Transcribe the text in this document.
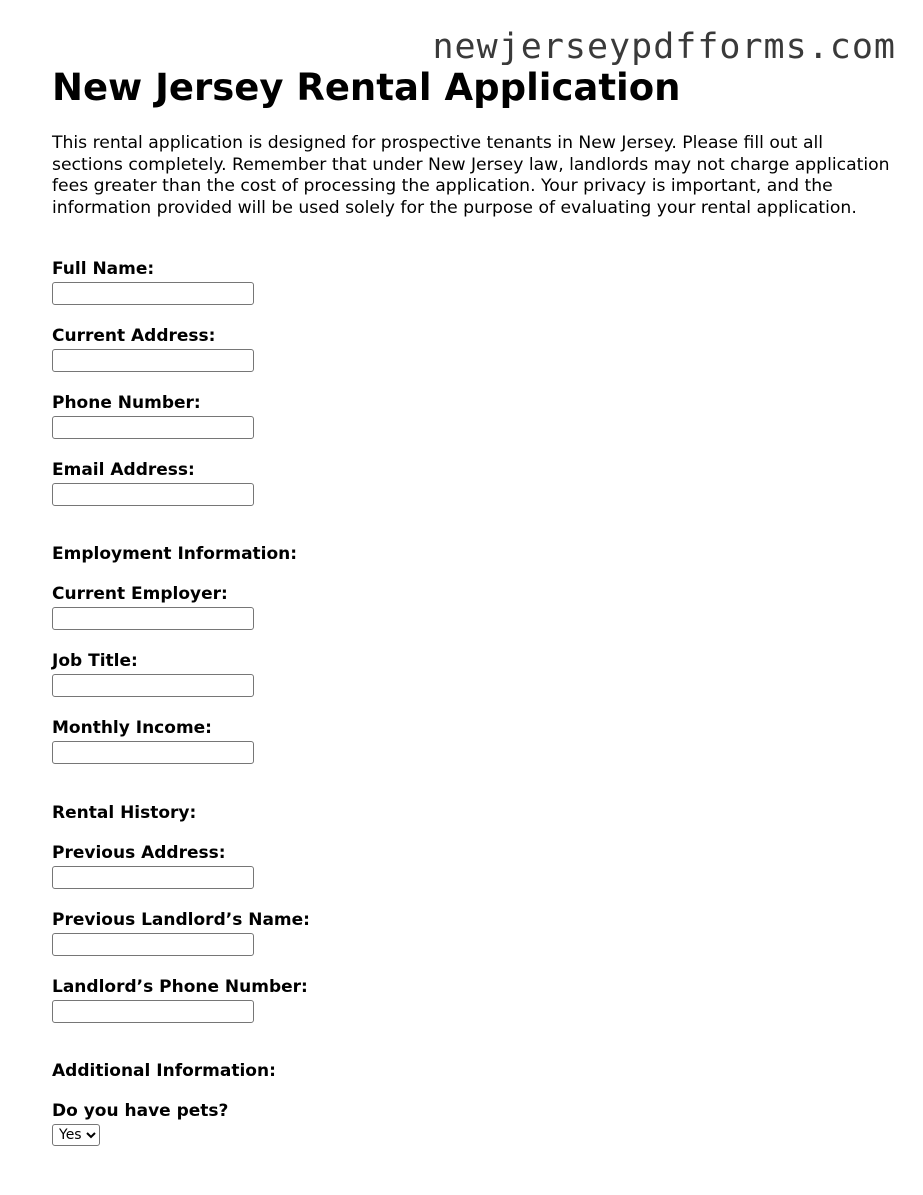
newjerseypdfforms.com
New Jersey Rental Application

This rental application is designed for prospective tenants in New Jersey. Please fill out all sections completely. Remember that under New Jersey law, landlords may not charge application fees greater than the cost of processing the application. Your privacy is important, and the information provided will be used solely for the purpose of evaluating your rental application.

Full Name:
Current Address:
Phone Number:
Email Address:
Employment Information:
Current Employer:
Job Title:
Monthly Income:
Rental History:
Previous Address:
Previous Landlord’s Name:
Landlord’s Phone Number:
Additional Information:
Do you have pets?
Yes
